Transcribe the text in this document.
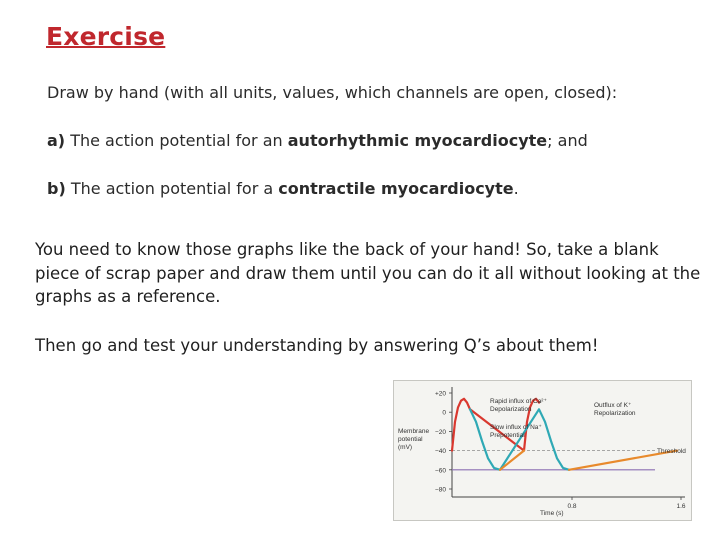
Exercise
Draw by hand (with all units, values, which channels are open, closed):
a) The action potential for an autorhythmic myocardiocyte; and
b) The action potential for a contractile myocardiocyte.
You need to know those graphs like the back of your hand! So, take a blank piece of scrap paper and draw them until you can do it all without looking at the graphs as a reference.
Then go and test your understanding by answering Q’s about them!
+20
0
−20
−40
−60
−80
0.8	1.6
Threshold
Membrane
potential
(mV)
Time (s)
Rapid influx of Ca²⁺
Depolarization
Outflux of K⁺
Repolarization
Slow influx of Na⁺
Prepotential
